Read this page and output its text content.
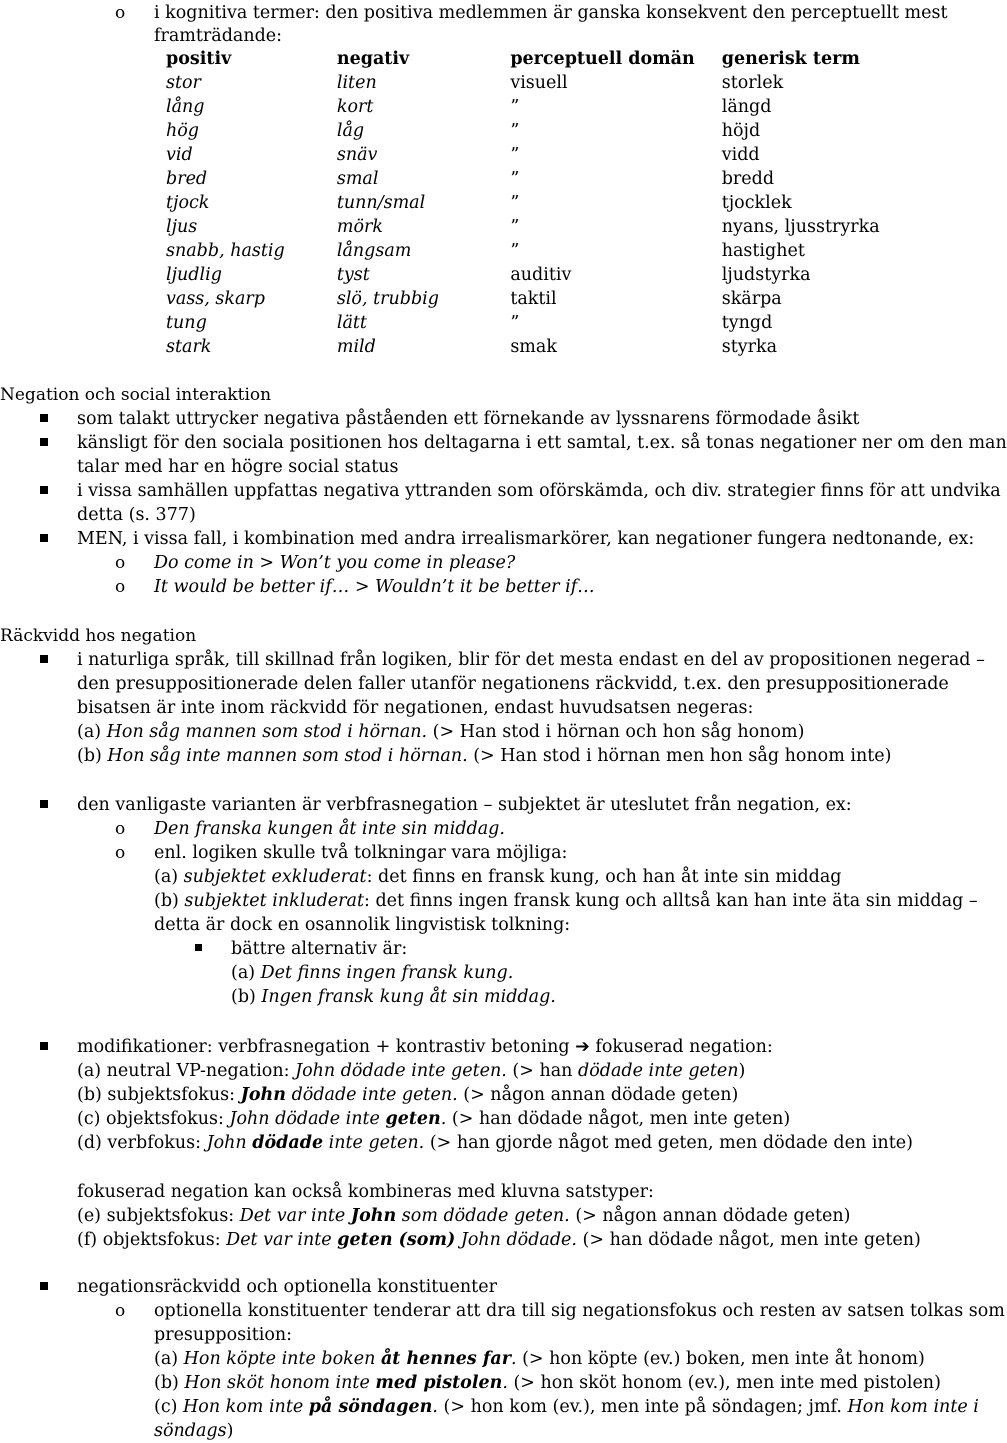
o i kognitiva termer: den positiva medlemmen är ganska konsekvent den perceptuellt mest
framträdande:
positiv	negativ	perceptuell domän	generisk term
stor	liten	visuell	storlek
lång	kort	”	längd
hög	låg	”	höjd
vid	snäv	”	vidd
bred	smal	”	bredd
tjock	tunn/smal	”	tjocklek
ljus	mörk	”	nyans, ljusstryrka
snabb, hastig	långsam	”	hastighet
ljudlig	tyst	auditiv	ljudstyrka
vass, skarp	slö, trubbig	taktil	skärpa
tung	lätt	”	tyngd
stark	mild	smak	styrka
Negation och social interaktion
som talakt uttrycker negativa påståenden ett förnekande av lyssnarens förmodade åsikt
känsligt för den sociala positionen hos deltagarna i ett samtal, t.ex. så tonas negationer ner om den man
talar med har en högre social status
i vissa samhällen uppfattas negativa yttranden som oförskämda, och div. strategier finns för att undvika
detta (s. 377)
MEN, i vissa fall, i kombination med andra irrealismarkörer, kan negationer fungera nedtonande, ex:
o Do come in > Won’t you come in please?
o It would be better if… > Wouldn’t it be better if…
Räckvidd hos negation
i naturliga språk, till skillnad från logiken, blir för det mesta endast en del av propositionen negerad –
den presuppositionerade delen faller utanför negationens räckvidd, t.ex. den presuppositionerade
bisatsen är inte inom räckvidd för negationen, endast huvudsatsen negeras:
(a) Hon såg mannen som stod i hörnan. (> Han stod i hörnan och hon såg honom)
(b) Hon såg inte mannen som stod i hörnan. (> Han stod i hörnan men hon såg honom inte)
den vanligaste varianten är verbfrasnegation – subjektet är uteslutet från negation, ex:
o Den franska kungen åt inte sin middag.
o enl. logiken skulle två tolkningar vara möjliga:
(a) subjektet exkluderat: det finns en fransk kung, och han åt inte sin middag
(b) subjektet inkluderat: det finns ingen fransk kung och alltså kan han inte äta sin middag –
detta är dock en osannolik lingvistisk tolkning:
bättre alternativ är:
(a) Det finns ingen fransk kung.
(b) Ingen fransk kung åt sin middag.
modifikationer: verbfrasnegation + kontrastiv betoning ➔ fokuserad negation:
(a) neutral VP-negation: John dödade inte geten. (> han dödade inte geten)
(b) subjektsfokus: John dödade inte geten. (> någon annan dödade geten)
(c) objektsfokus: John dödade inte geten. (> han dödade något, men inte geten)
(d) verbfokus: John dödade inte geten. (> han gjorde något med geten, men dödade den inte)
fokuserad negation kan också kombineras med kluvna satstyper:
(e) subjektsfokus: Det var inte John som dödade geten. (> någon annan dödade geten)
(f) objektsfokus: Det var inte geten (som) John dödade. (> han dödade något, men inte geten)
negationsräckvidd och optionella konstituenter
o optionella konstituenter tenderar att dra till sig negationsfokus och resten av satsen tolkas som
presupposition:
(a) Hon köpte inte boken åt hennes far. (> hon köpte (ev.) boken, men inte åt honom)
(b) Hon sköt honom inte med pistolen. (> hon sköt honom (ev.), men inte med pistolen)
(c) Hon kom inte på söndagen. (> hon kom (ev.), men inte på söndagen; jmf. Hon kom inte i
söndags)
